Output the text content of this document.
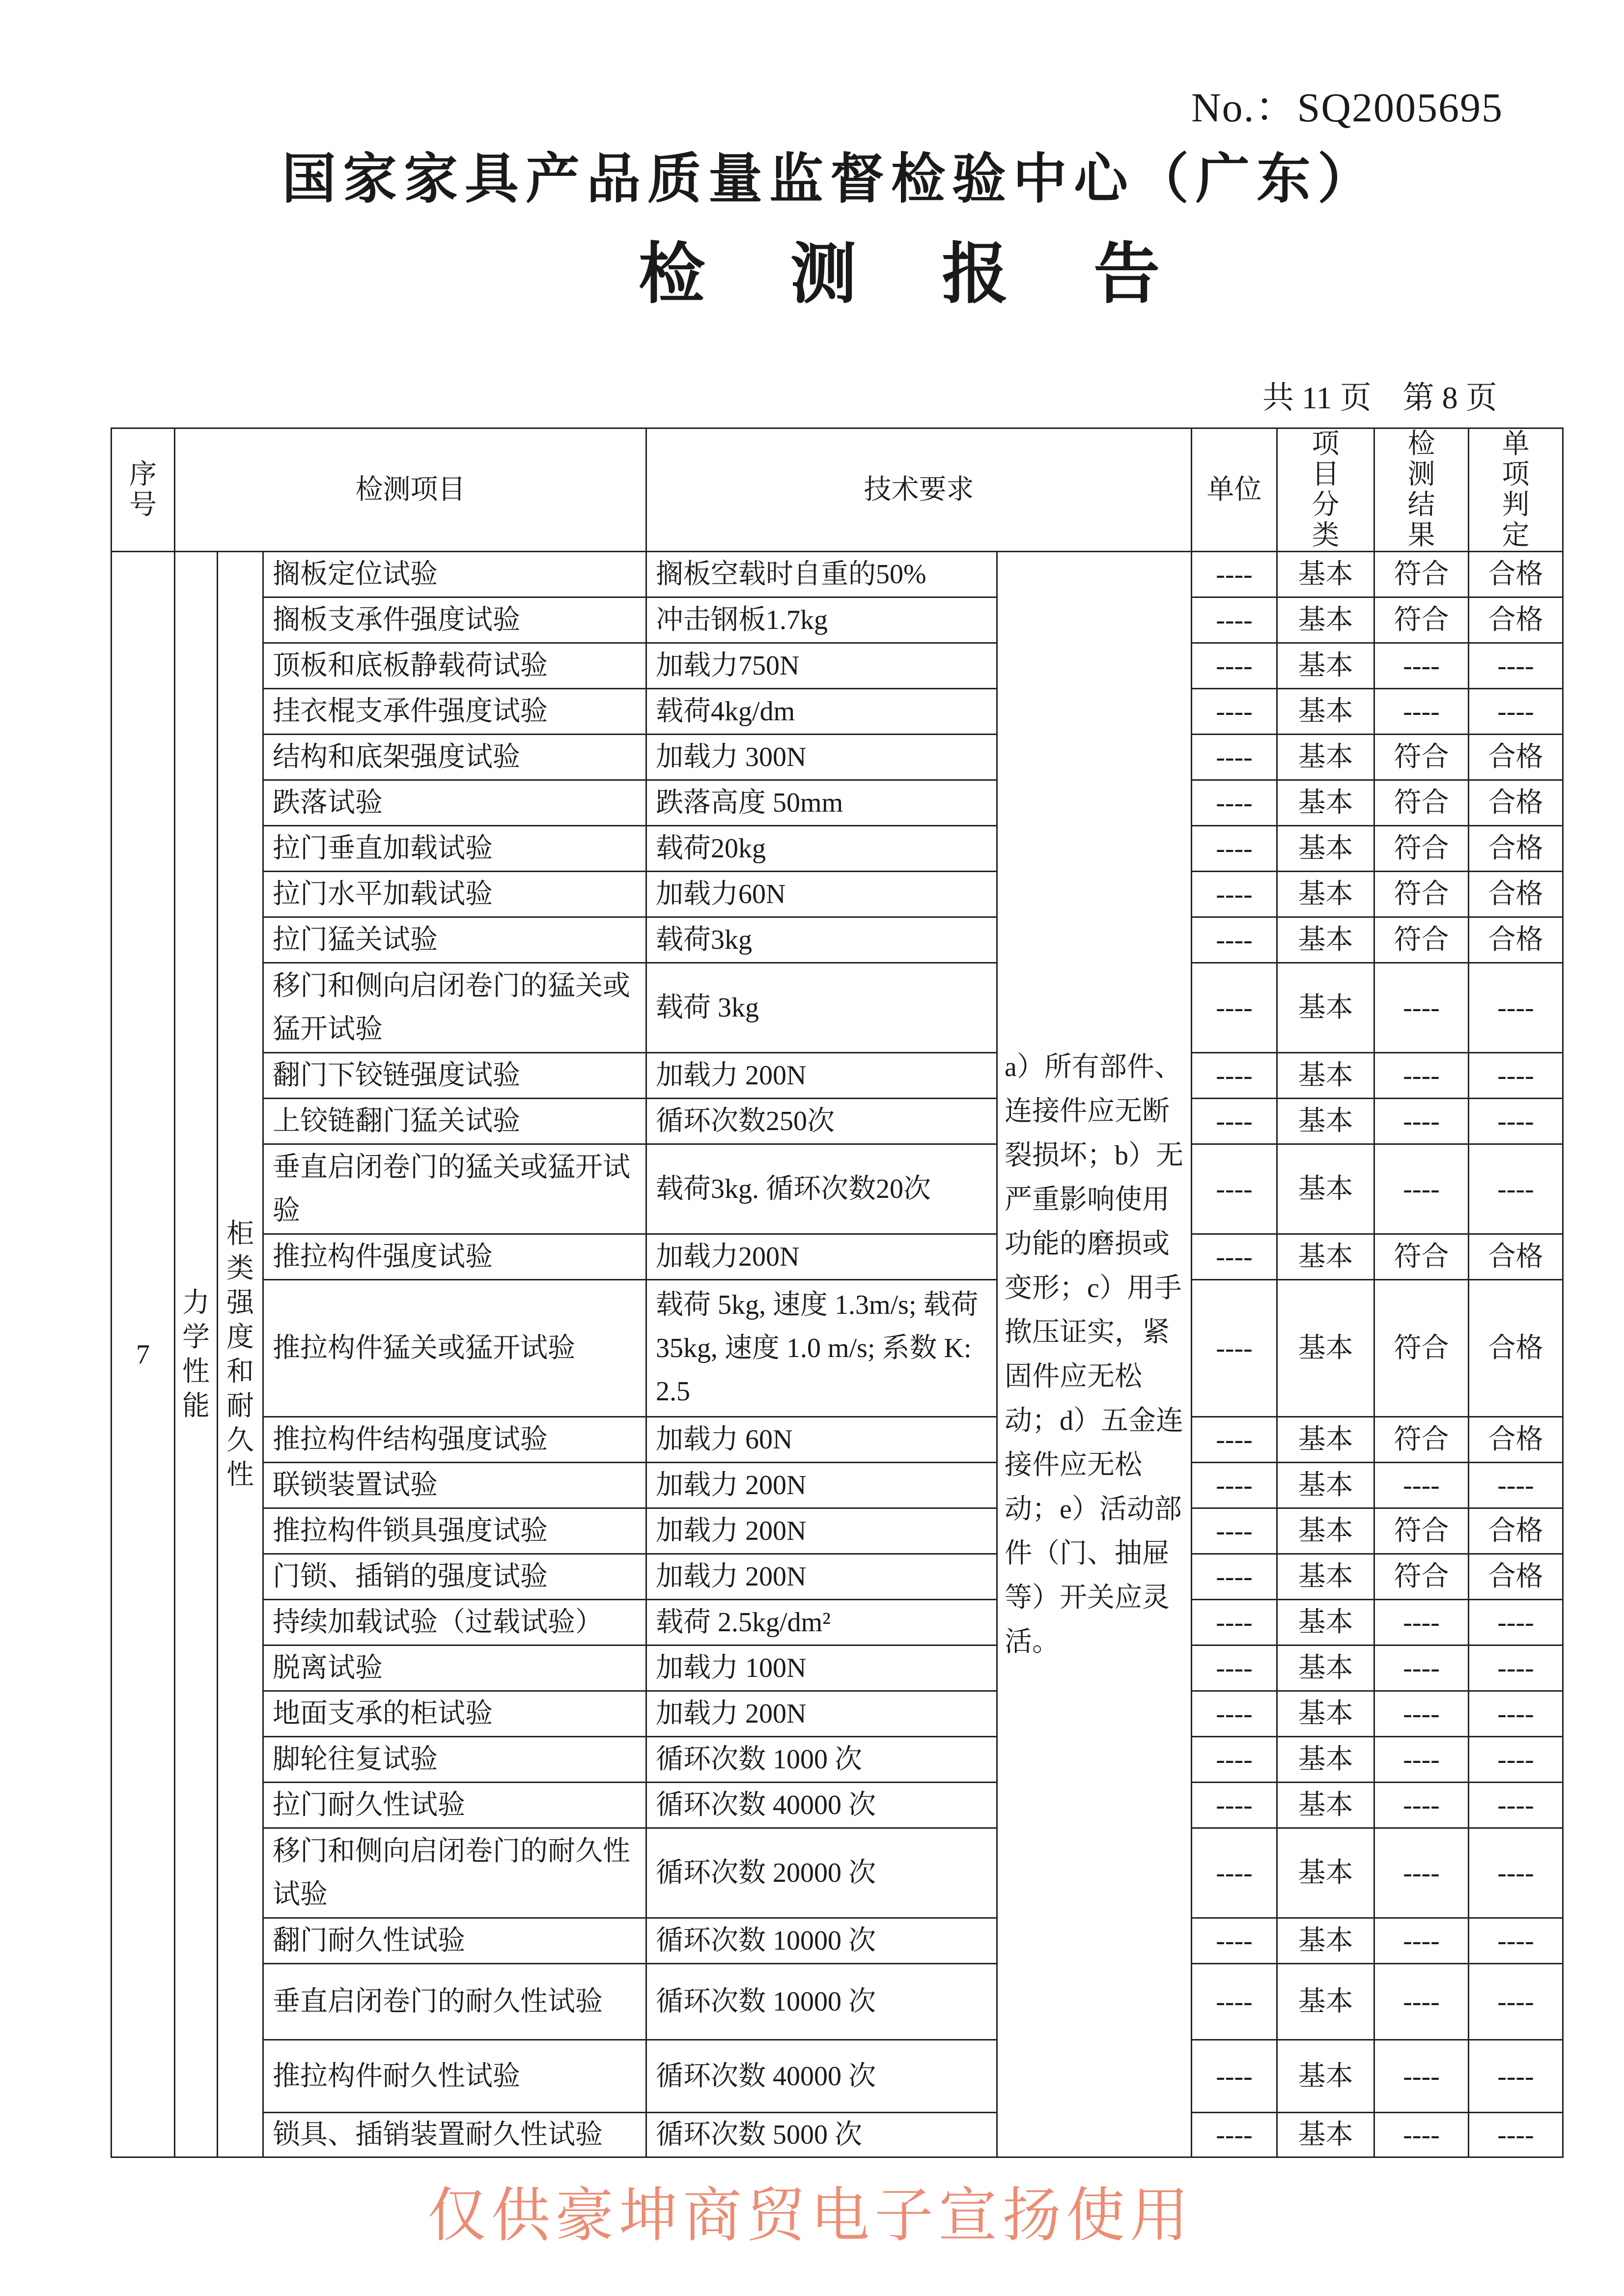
No.：SQ2005695
国家家具产品质量监督检验中心（广东）
检 测 报 告
共 11 页    第 8 页
序号	检测项目			技术要求		单位	项目分类	检测结果	单项判定
7	力学性能	柜类强度和耐久性	搁板定位试验	搁板空载时自重的50%	a）所有部件、连接件应无断裂损坏；b）无严重影响使用功能的磨损或变形；c）用手揿压证实，紧固件应无松动；d）五金连接件应无松动；e）活动部件（门、抽屉等）开关应灵活。	----	基本	符合	合格
			搁板支承件强度试验	冲击钢板1.7kg		----	基本	符合	合格
			顶板和底板静载荷试验	加载力750N		----	基本	----	----
			挂衣棍支承件强度试验	载荷4kg/dm		----	基本	----	----
			结构和底架强度试验	加载力 300N		----	基本	符合	合格
			跌落试验	跌落高度 50mm		----	基本	符合	合格
			拉门垂直加载试验	载荷20kg		----	基本	符合	合格
			拉门水平加载试验	加载力60N		----	基本	符合	合格
			拉门猛关试验	载荷3kg		----	基本	符合	合格
			移门和侧向启闭卷门的猛关或猛开试验	载荷 3kg		----	基本	----	----
			翻门下铰链强度试验	加载力 200N		----	基本	----	----
			上铰链翻门猛关试验	循环次数250次		----	基本	----	----
			垂直启闭卷门的猛关或猛开试验	载荷3kg. 循环次数20次		----	基本	----	----
			推拉构件强度试验	加载力200N		----	基本	符合	合格
			推拉构件猛关或猛开试验	载荷 5kg, 速度 1.3m/s; 载荷 35kg, 速度 1.0 m/s; 系数 K: 2.5		----	基本	符合	合格
			推拉构件结构强度试验	加载力 60N		----	基本	符合	合格
			联锁装置试验	加载力 200N		----	基本	----	----
			推拉构件锁具强度试验	加载力 200N		----	基本	符合	合格
			门锁、插销的强度试验	加载力 200N		----	基本	符合	合格
			持续加载试验（过载试验）	载荷 2.5kg/dm²		----	基本	----	----
			脱离试验	加载力 100N		----	基本	----	----
			地面支承的柜试验	加载力 200N		----	基本	----	----
			脚轮往复试验	循环次数 1000 次		----	基本	----	----
			拉门耐久性试验	循环次数 40000 次		----	基本	----	----
			移门和侧向启闭卷门的耐久性试验	循环次数 20000 次		----	基本	----	----
			翻门耐久性试验	循环次数 10000 次		----	基本	----	----
			垂直启闭卷门的耐久性试验	循环次数 10000 次		----	基本	----	----
			推拉构件耐久性试验	循环次数 40000 次		----	基本	----	----
			锁具、插销装置耐久性试验	循环次数 5000 次		----	基本	----	----
仅供豪坤商贸电子宣扬使用
